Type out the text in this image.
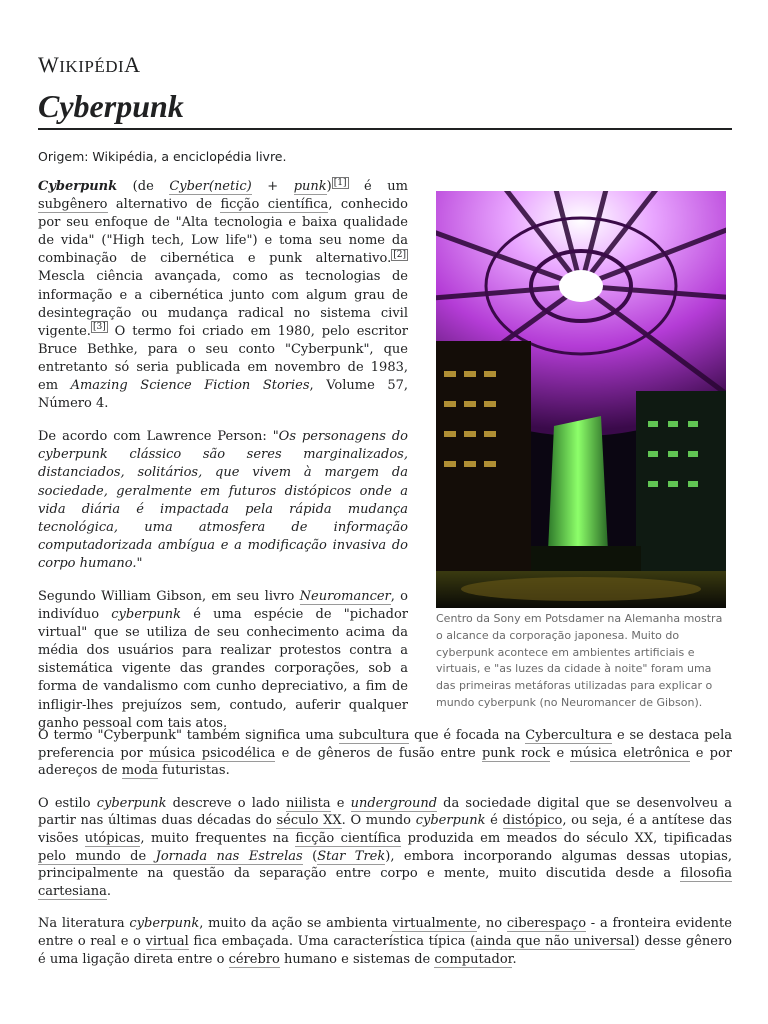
WIKIPÉDIA
Cyberpunk
Origem: Wikipédia, a enciclopédia livre.

Cyberpunk (de Cyber(netic) + punk) [1] é um subgênero alternativo de ficção científica, conhecido por seu enfoque de "Alta tecnologia e baixa qualidade de vida" ("High tech, Low life") e toma seu nome da combinação de cibernética e punk alternativo. [2] Mescla ciência avançada, como as tecnologias de informação e a cibernética junto com algum grau de desintegração ou mudança radical no sistema civil vigente. [3] O termo foi criado em 1980, pelo escritor Bruce Bethke, para o seu conto "Cyberpunk", que entretanto só seria publicada em novembro de 1983, em Amazing Science Fiction Stories, Volume 57, Número 4.

De acordo com Lawrence Person: "Os personagens do cyberpunk clássico são seres marginalizados, distanciados, solitários, que vivem à margem da sociedade, geralmente em futuros distópicos onde a vida diária é impactada pela rápida mudança tecnológica, uma atmosfera de informação computadorizada ambígua e a modificação invasiva do corpo humano."

Segundo William Gibson, em seu livro Neuromancer, o indivíduo cyberpunk é uma espécie de "pichador virtual" que se utiliza de seu conhecimento acima da média dos usuários para realizar protestos contra a sistemática vigente das grandes corporações, sob a forma de vandalismo com cunho depreciativo, a fim de infligir-lhes prejuízos sem, contudo, auferir qualquer ganho pessoal com tais atos.

Centro da Sony em Potsdamer na Alemanha mostra o alcance da corporação japonesa. Muito do cyberpunk acontece em ambientes artificiais e virtuais, e "as luzes da cidade à noite" foram uma das primeiras metáforas utilizadas para explicar o mundo cyberpunk (no Neuromancer de Gibson).

O termo "Cyberpunk" também significa uma subcultura que é focada na Cybercultura e se destaca pela preferencia por música psicodélica e de gêneros de fusão entre punk rock e música eletrônica e por adereços de moda futuristas.

O estilo cyberpunk descreve o lado niilista e underground da sociedade digital que se desenvolveu a partir nas últimas duas décadas do século XX. O mundo cyberpunk é distópico, ou seja, é a antítese das visões utópicas, muito frequentes na ficção científica produzida em meados do século XX, tipificadas pelo mundo de Jornada nas Estrelas (Star Trek), embora incorporando algumas dessas utopias, principalmente na questão da separação entre corpo e mente, muito discutida desde a filosofia cartesiana.

Na literatura cyberpunk, muito da ação se ambienta virtualmente, no ciberespaço - a fronteira evidente entre o real e o virtual fica embaçada. Uma característica típica (ainda que não universal) desse gênero é uma ligação direta entre o cérebro humano e sistemas de computador.
